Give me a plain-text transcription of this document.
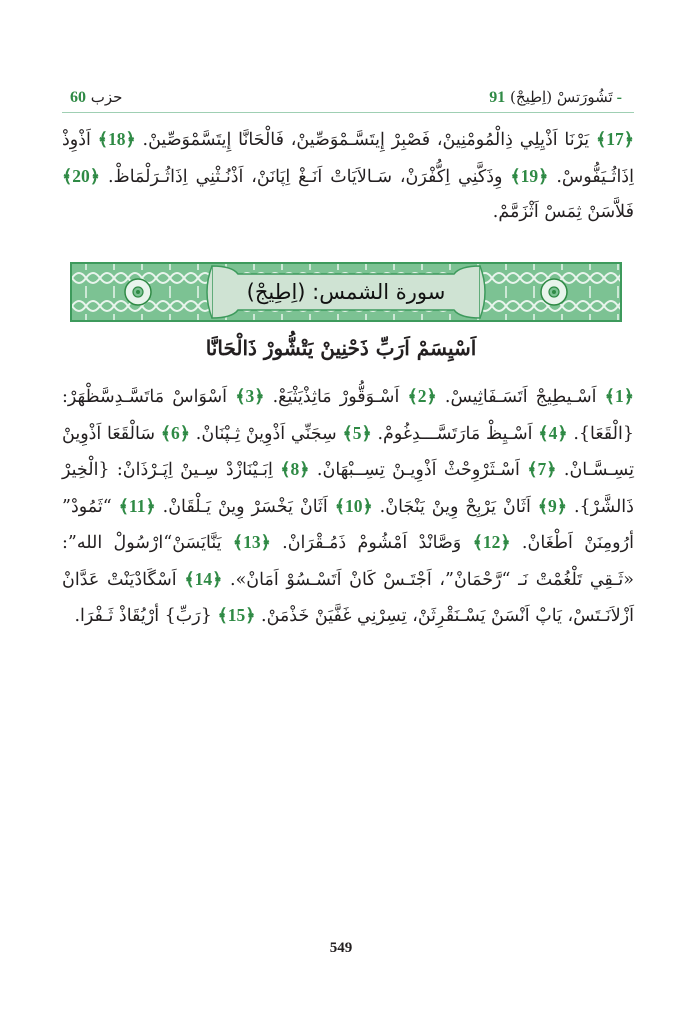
حزب 60	تَشُورَتسْ (اِطِيجْ) 91 -
﴿17﴾ يَرْنَا اَذْيِلِي ذِالْمُومْنِينْ، فَصْبِرْ إِيتَسَّـمْوَصِّينْ، فَالْحَانَّا إِيتَسَّمْوَصِّينْ. ﴿18﴾ اَذْوِذْ اِذَاثُـيَفُّوسْ. ﴿19﴾ وِذَكَّنِي اِكُّفْرَنْ، سَـالاَيَاتْ اَنَـغْ اِپَانَنْ، اَذْنُـثْنِي اِذَاثُـرَلْمَاظْ. ﴿20﴾ فَلاَّسَنْ ثِمَسْ اَثْزَمَّمْ.
سورة الشمس: (اِطِيجْ)
اَسْيِسَمْ اَرَبِّ ذَحْنِينْ يَتْشُّورْ ذَالْحَانَّا
﴿1﴾ اَسْـيطِيجْ اَتَسَـفَاثِيسْ. ﴿2﴾ اَسْـوَقُّورْ مَاثِذْيَثْيَعْ. ﴿3﴾ اَسْوَاسْ مَاتَسَّـدِسَّظْهَرْ: {الْقَعَا}. ﴿4﴾ اَسْـيِظْ مَارَتَسَّـــدِغُومْ. ﴿5﴾ سِجَنِّي اَذْوِينْ ثِـپْنَانْ. ﴿6﴾ سَالْقَعَا اَذْوِينْ تِسِـسَّـانْ. ﴿7﴾ اَسْـثَرْوِحْثْ اَذْوِيـنْ تِسِــبْهَانْ. ﴿8﴾ اِبَـيْنَازْدْ سِـينْ اِپَـرْذَانْ: {الْخِيرْ ذَالشَّرْ}. ﴿9﴾ اَثَانْ يَرْبِحْ وِينْ يَنْجَانْ. ﴿10﴾ اَثَانْ يَخْسَرْ وِينْ يَـلْقَانْ. ﴿11﴾ “ثَمُودْ” أرُومِنَنْ اَطْغَانْ. ﴿12﴾ وَصَّانْدْ اَمْشُومْ ذَمُـقْرَانْ. ﴿13﴾ يَنَّايَسَنْ“ارْسُولْ الله”: «ثَـقِي تَلْغُمْتْ نَـ “رَّحْمَانْ”، اَجْتَـسْ كَانْ اَتَسْـسُوْ اَمَانْ». ﴿14﴾ اَسْگَادْيَنْتْ عَدَّانْ اَزْلاَنَـتَسْ، يَاپْ اَنْسَنْ يَسْـنَقْرِثَنْ، تِسِرْنِي غَفَّيَنْ خَذْمَنْ. ﴿15﴾ {رَبِّ} أرْيُقَاذْ ثَـفْرَا.
549
